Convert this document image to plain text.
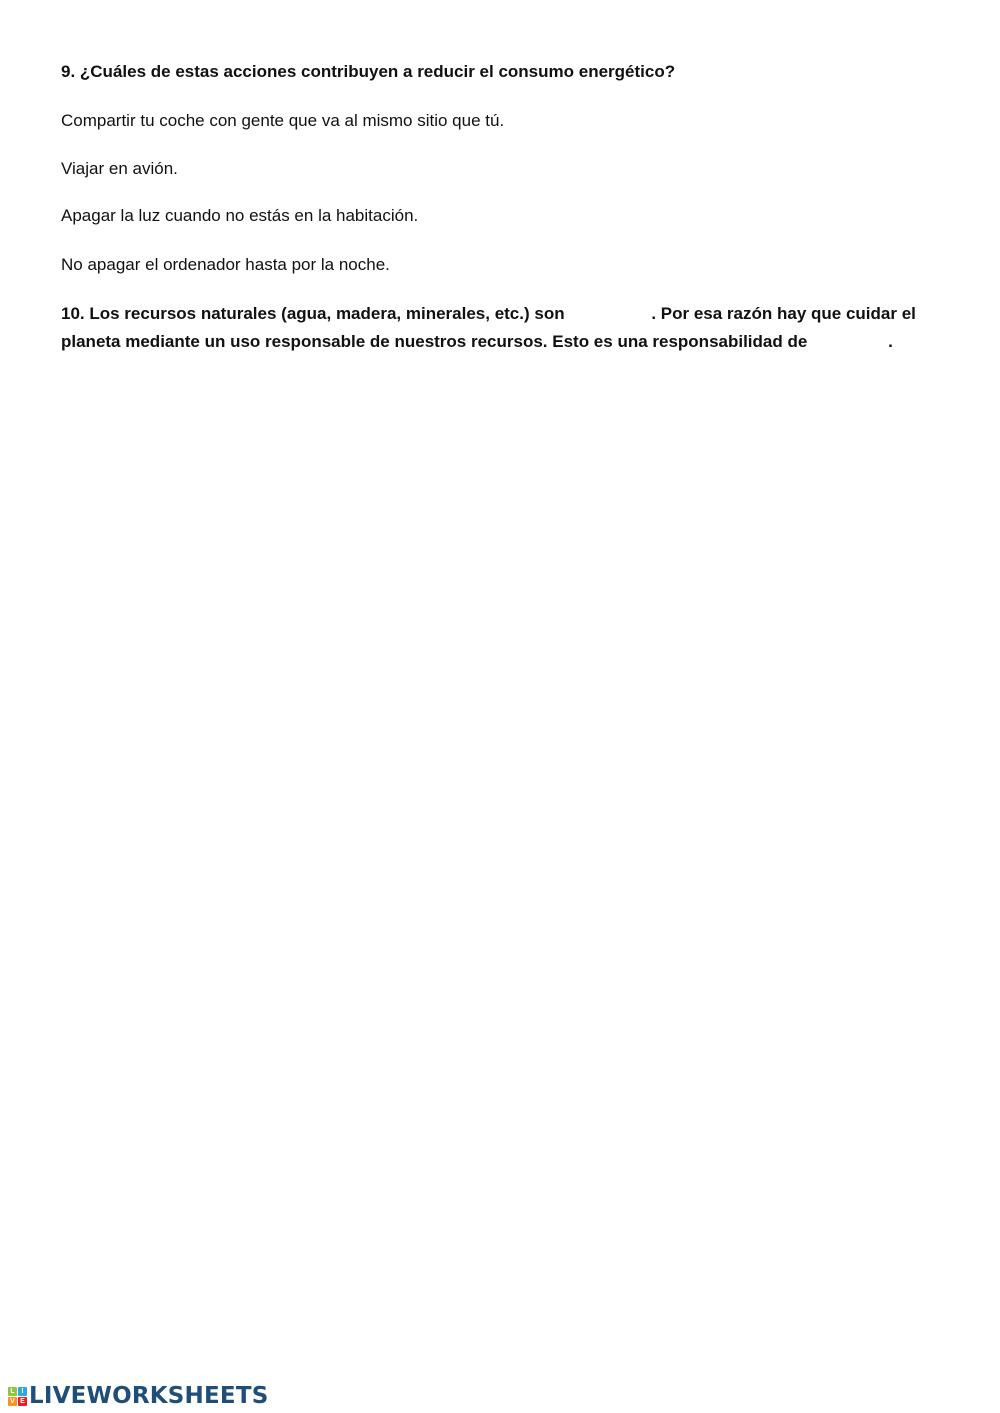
9. ¿Cuáles de estas acciones contribuyen a reducir el consumo energético?

Compartir tu coche con gente que va al mismo sitio que tú.
Viajar en avión.
Apagar la luz cuando no estás en la habitación.
No apagar el ordenador hasta por la noche.

10. Los recursos naturales (agua, madera, minerales, etc.) son	. Por esa razón hay que cuidar el
planeta mediante un uso responsable de nuestros recursos. Esto es una responsabilidad de	.

L I
V E LIVEWORKSHEETS
